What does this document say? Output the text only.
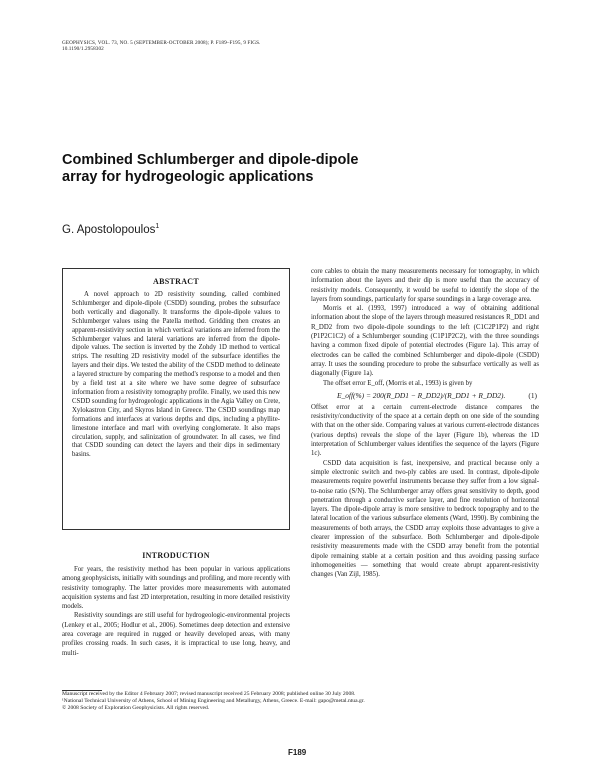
GEOPHYSICS, VOL. 73, NO. 5 (SEPTEMBER-OCTOBER 2008); P. F189–F195, 9 FIGS.
10.1190/1.2958302
Combined Schlumberger and dipole-dipole
array for hydrogeologic applications
G. Apostolopoulos$^1$
ABSTRACT

A novel approach to 2D resistivity sounding, called combined Schlumberger and dipole-dipole (CSDD) sounding, probes the subsurface both vertically and diagonally. It transforms the dipole-dipole values to Schlumberger values using the Patella method. Gridding then creates an apparent-resistivity section in which vertical variations are inferred from the Schlumberger values and lateral variations are inferred from the dipole-dipole values. The section is inverted by the Zohdy 1D method to vertical strips. The resulting 2D resistivity model of the subsurface identifies the layers and their dips. We tested the ability of the CSDD method to delineate a layered structure by comparing the method's response to a model and then by a field test at a site where we have some degree of subsurface information from a resistivity tomography profile. Finally, we used this new CSDD sounding for hydrogeologic applications in the Agia Valley on Crete, Xylokastron City, and Skyros Island in Greece. The CSDD soundings map formations and interfaces at various depths and dips, including a phyllite-limestone interface and marl with overlying conglomerate. It also maps circulation, supply, and salinization of groundwater. In all cases, we find that CSDD sounding can detect the layers and their dips in sedimentary basins.

INTRODUCTION

For years, the resistivity method has been popular in various applications among geophysicists, initially with soundings and profiling, and more recently with resistivity tomography. The latter provides more measurements with automated acquisition systems and fast 2D interpretation, resulting in more detailed resistivity models.

Resistivity soundings are still useful for hydrogeologic-environmental projects (Lenkey et al., 2005; Hodlur et al., 2006). Sometimes deep detection and extensive area coverage are required in rugged or heavily developed areas, with many profiles crossing roads. In such cases, it is impractical to use long, heavy, and multi-

core cables to obtain the many measurements necessary for tomography, in which information about the layers and their dip is more useful than the accuracy of resistivity models. Consequently, it would be useful to identify the slope of the layers from soundings, particularly for sparse soundings in a large coverage area.

Morris et al. (1993, 1997) introduced a way of obtaining additional information about the slope of the layers through measured resistances R_DD1 and R_DD2 from two dipole-dipole soundings to the left (C1C2P1P2) and right (P1P2C1C2) of a Schlumberger sounding (C1P1P2C2), with the three soundings having a common fixed dipole of potential electrodes (Figure 1a). This array of electrodes can be called the combined Schlumberger and dipole-dipole (CSDD) array. It uses the sounding procedure to probe the subsurface vertically as well as diagonally (Figure 1a).

The offset error E_off, (Morris et al., 1993) is given by

E_off(%) = 200(R_DD1 − R_DD2)/(R_DD1 + R_DD2).	(1)

Offset error at a certain current-electrode distance compares the resistivity/conductivity of the space at a certain depth on one side of the sounding with that on the other side. Comparing values at various current-electrode distances (various depths) reveals the slope of the layer (Figure 1b), whereas the 1D interpretation of Schlumberger values identifies the sequence of the layers (Figure 1c).

CSDD data acquisition is fast, inexpensive, and practical because only a simple electronic switch and two-ply cables are used. In contrast, dipole-dipole measurements require powerful instruments because they suffer from a low signal-to-noise ratio (S/N). The Schlumberger array offers great sensitivity to depth, good penetration through a conductive surface layer, and fine resolution of horizontal layers. The dipole-dipole array is more sensitive to bedrock topography and to the lateral location of the various subsurface elements (Ward, 1990). By combining the measurements of both arrays, the CSDD array exploits those advantages to give a clearer impression of the subsurface. Both Schlumberger and dipole-dipole resistivity measurements made with the CSDD array benefit from the potential dipole remaining stable at a certain position and thus avoiding passing surface inhomogeneities — something that would create abrupt apparent-resistivity changes (Van Zijl, 1985).

Manuscript received by the Editor 4 February 2007; revised manuscript received 25 February 2008; published online 30 July 2008.
¹National Technical University of Athens, School of Mining Engineering and Metallurgy, Athens, Greece. E-mail: gapo@metal.ntua.gr.
© 2008 Society of Exploration Geophysicists. All rights reserved.
F189
